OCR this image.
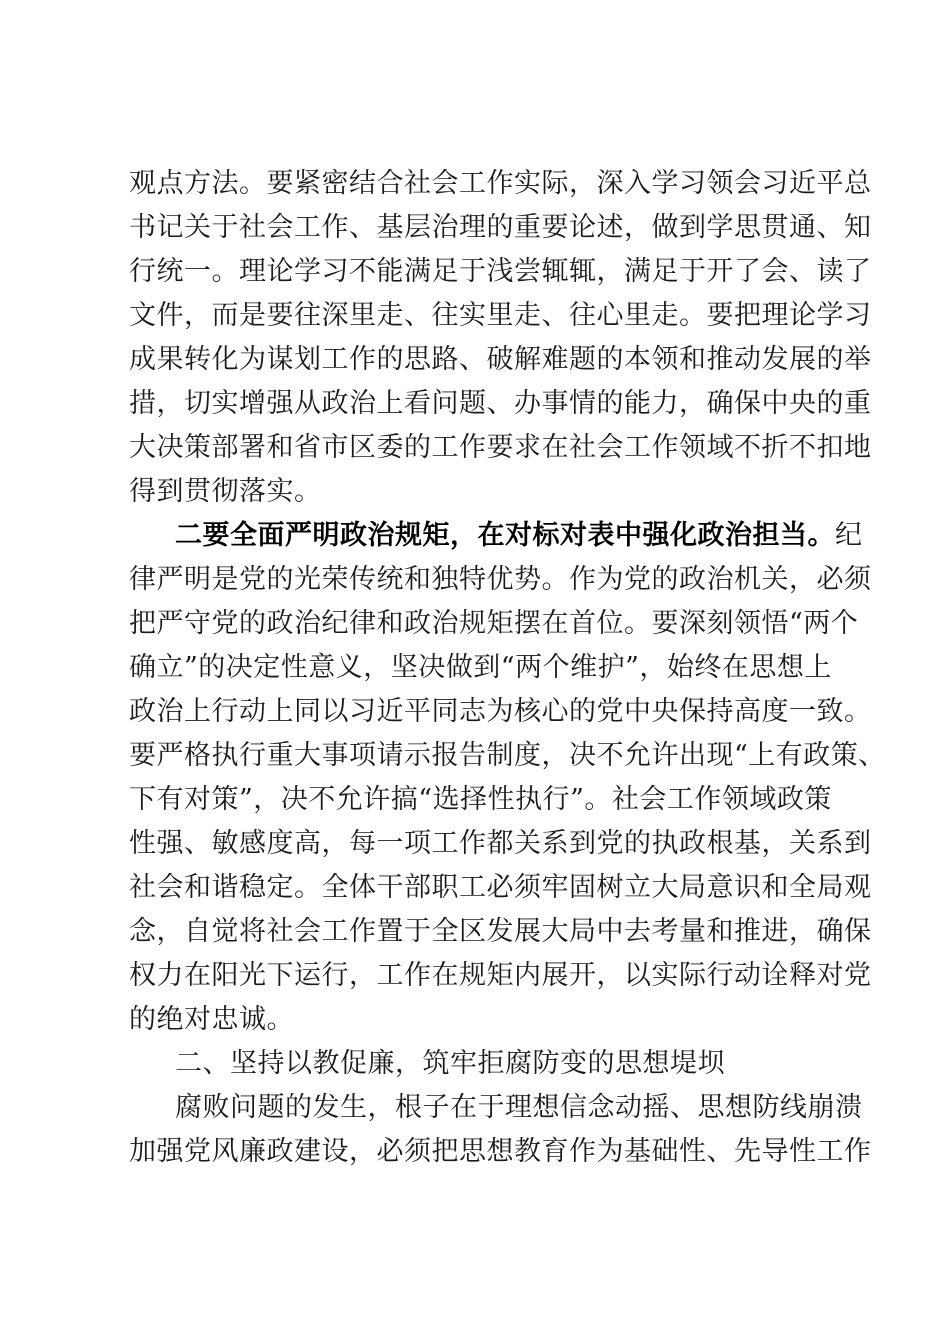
观点方法。要紧密结合社会工作实际，深入学习领会习近平总
书记关于社会工作、基层治理的重要论述，做到学思贯通、知
行统一。理论学习不能满足于浅尝辄辄，满足于开了会、读了
文件，而是要往深里走、往实里走、往心里走。要把理论学习
成果转化为谋划工作的思路、破解难题的本领和推动发展的举
措，切实增强从政治上看问题、办事情的能力，确保中央的重
大决策部署和省市区委的工作要求在社会工作领域不折不扣地
得到贯彻落实。
二要全面严明政治规矩，在对标对表中强化政治担当。纪
律严明是党的光荣传统和独特优势。作为党的政治机关，必须
把严守党的政治纪律和政治规矩摆在首位。要深刻领悟“两个
确立”的决定性意义，坚决做到“两个维护”，始终在思想上
政治上行动上同以习近平同志为核心的党中央保持高度一致。
要严格执行重大事项请示报告制度，决不允许出现“上有政策、
下有对策”，决不允许搞“选择性执行”。社会工作领域政策
性强、敏感度高，每一项工作都关系到党的执政根基，关系到
社会和谐稳定。全体干部职工必须牢固树立大局意识和全局观
念，自觉将社会工作置于全区发展大局中去考量和推进，确保
权力在阳光下运行，工作在规矩内展开，以实际行动诠释对党
的绝对忠诚。
二、坚持以教促廉，筑牢拒腐防变的思想堤坝
腐败问题的发生，根子在于理想信念动摇、思想防线崩溃
加强党风廉政建设，必须把思想教育作为基础性、先导性工作
